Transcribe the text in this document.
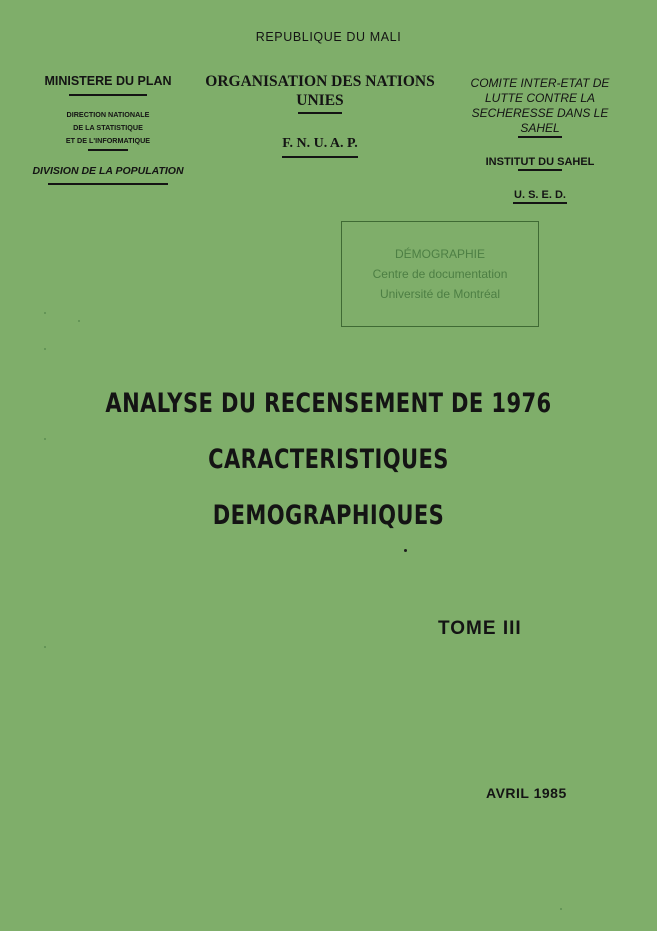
REPUBLIQUE DU MALI
MINISTERE DU PLAN
DIRECTION NATIONALE
DE LA STATISTIQUE
ET DE L'INFORMATIQUE
DIVISION DE LA POPULATION
ORGANISATION DES NATIONS
UNIES
F. N. U. A. P.
COMITE INTER-ETAT DE
LUTTE CONTRE LA
SECHERESSE DANS LE
SAHEL
INSTITUT DU SAHEL
U. S. E. D.
DÉMOGRAPHIE
Centre de documentation
Université de Montréal
ANALYSE DU RECENSEMENT DE 1976
CARACTERISTIQUES
DEMOGRAPHIQUES
TOME III
AVRIL 1985
